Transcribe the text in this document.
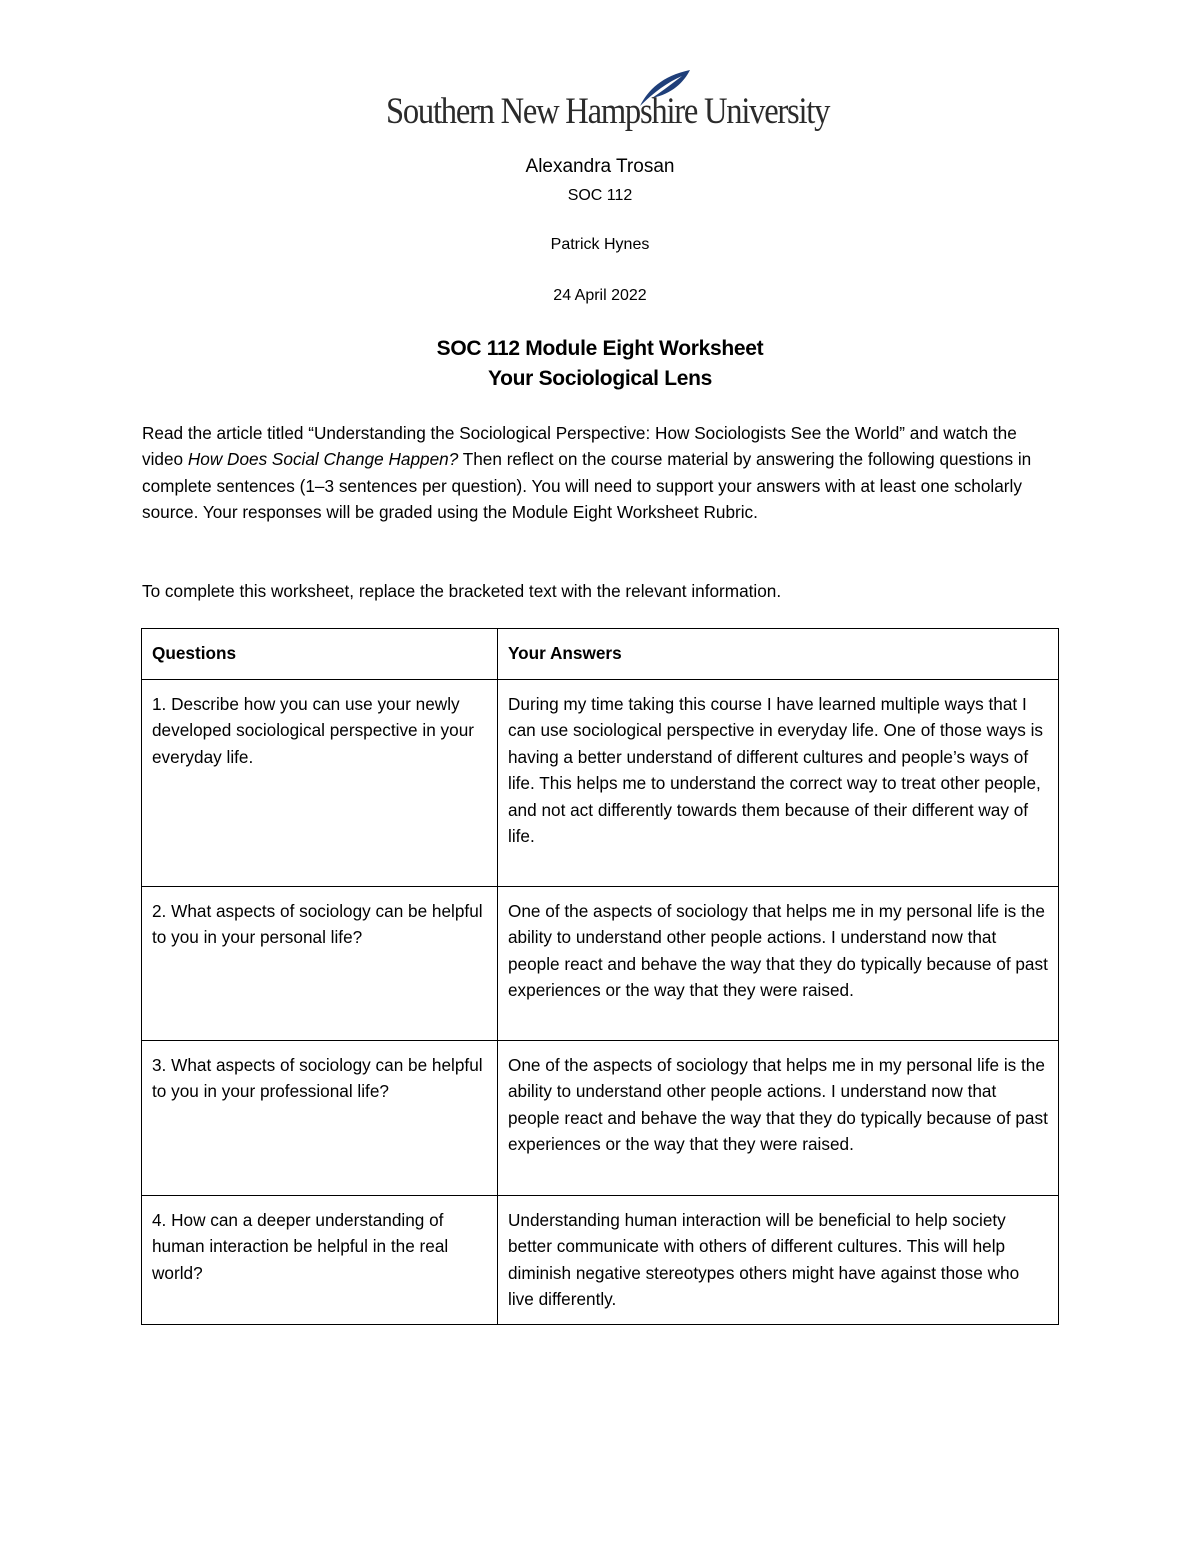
Southern New Hampshire University
Alexandra Trosan
SOC 112
Patrick Hynes
24 April 2022
SOC 112 Module Eight Worksheet
Your Sociological Lens

Read the article titled “Understanding the Sociological Perspective: How Sociologists See the World” and watch the video How Does Social Change Happen? Then reflect on the course material by answering the following questions in complete sentences (1–3 sentences per question). You will need to support your answers with at least one scholarly source. Your responses will be graded using the Module Eight Worksheet Rubric.

To complete this worksheet, replace the bracketed text with the relevant information.
Questions	Your Answers
1. Describe how you can use your newly developed sociological perspective in your everyday life.	During my time taking this course I have learned multiple ways that I can use sociological perspective in everyday life. One of those ways is having a better understand of different cultures and people’s ways of life. This helps me to understand the correct way to treat other people, and not act differently towards them because of their different way of life.
2. What aspects of sociology can be helpful to you in your personal life?	One of the aspects of sociology that helps me in my personal life is the ability to understand other people actions. I understand now that people react and behave the way that they do typically because of past experiences or the way that they were raised.
3. What aspects of sociology can be helpful to you in your professional life?	One of the aspects of sociology that helps me in my personal life is the ability to understand other people actions. I understand now that people react and behave the way that they do typically because of past experiences or the way that they were raised.
4. How can a deeper understanding of human interaction be helpful in the real world?	Understanding human interaction will be beneficial to help society better communicate with others of different cultures. This will help diminish negative stereotypes others might have against those who live differently.
